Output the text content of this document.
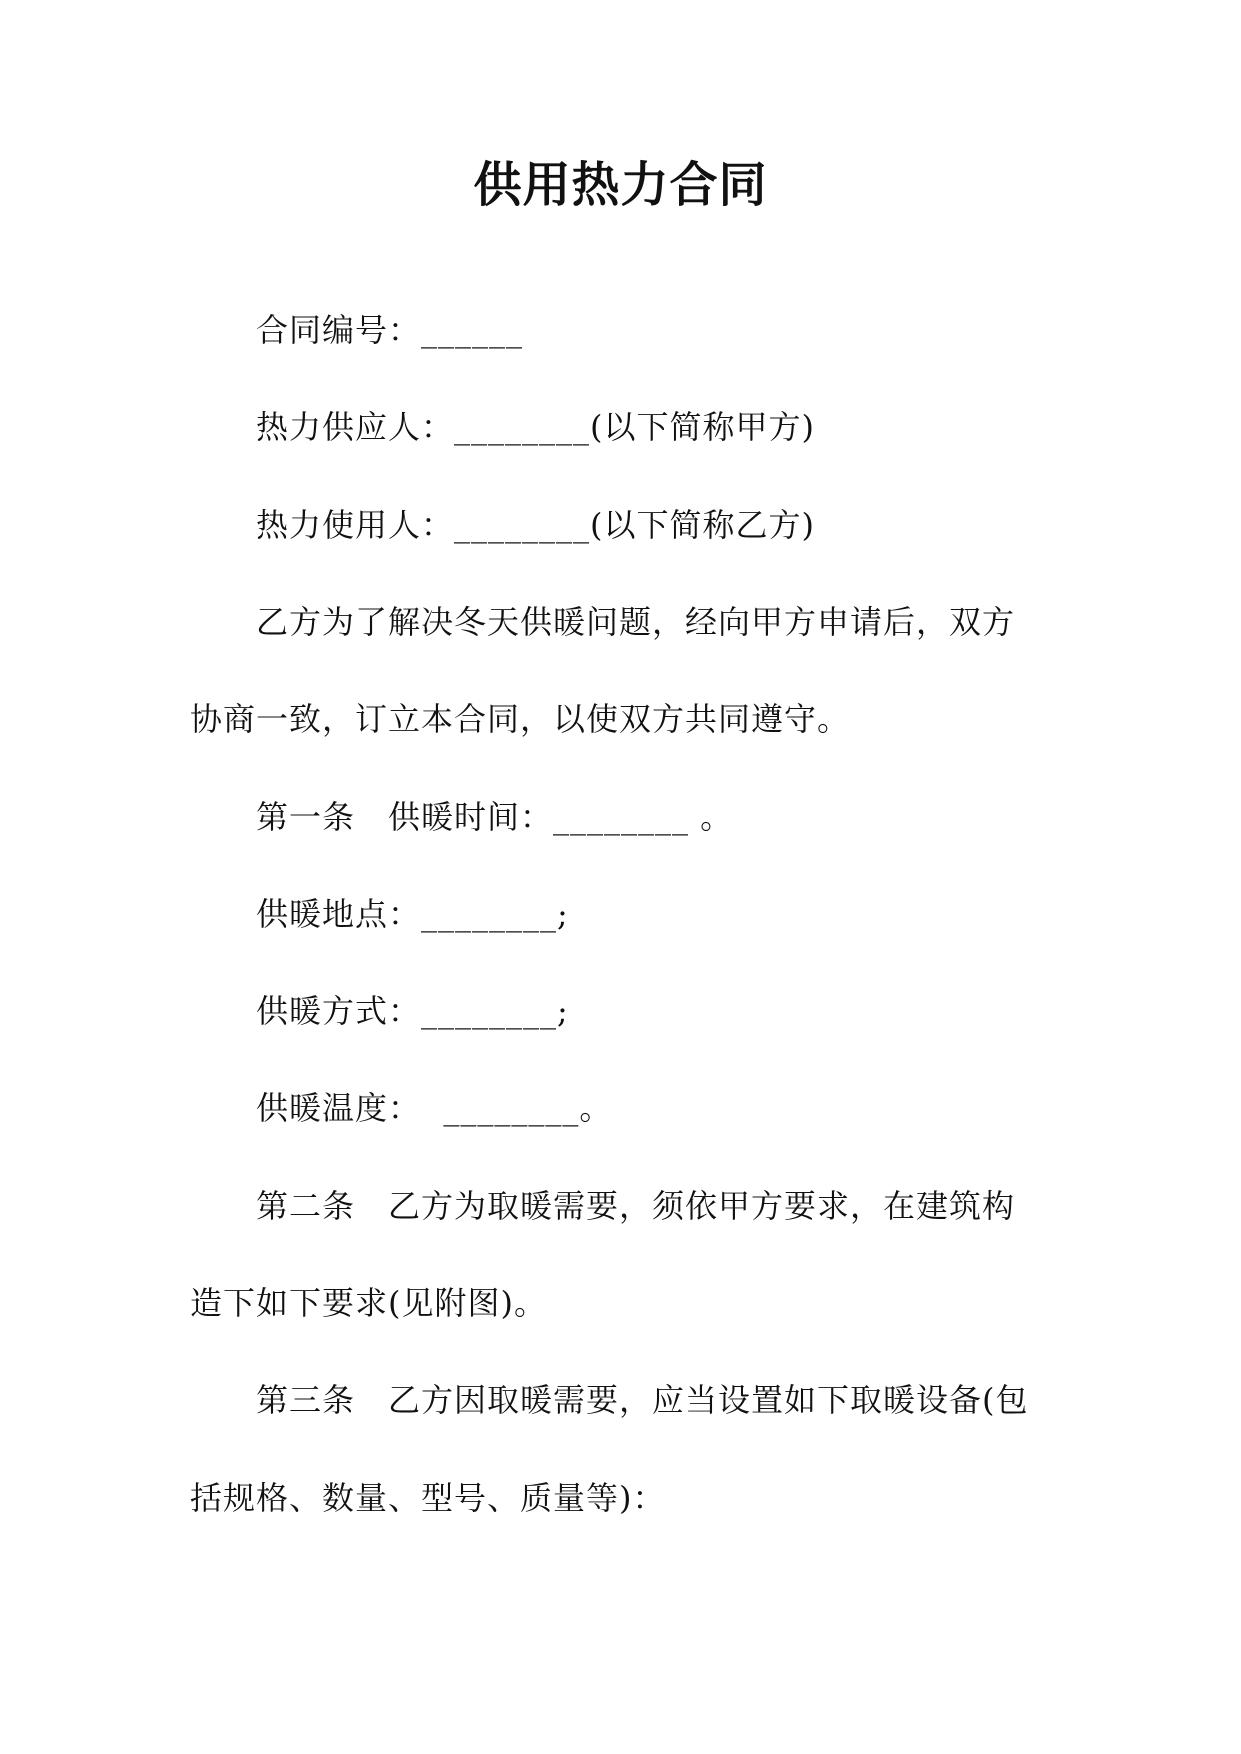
供用热力合同
合同编号：______
热力供应人：________(以下简称甲方)
热力使用人：________(以下简称乙方)
乙方为了解决冬天供暖问题，经向甲方申请后，双方
协商一致，订立本合同，以使双方共同遵守。
第一条　供暖时间：________ 。
供暖地点：________;
供暖方式：________;
供暖温度：  ________。
第二条　乙方为取暖需要，须依甲方要求，在建筑构
造下如下要求(见附图)。
第三条　乙方因取暖需要，应当设置如下取暖设备(包
括规格、数量、型号、质量等)：
